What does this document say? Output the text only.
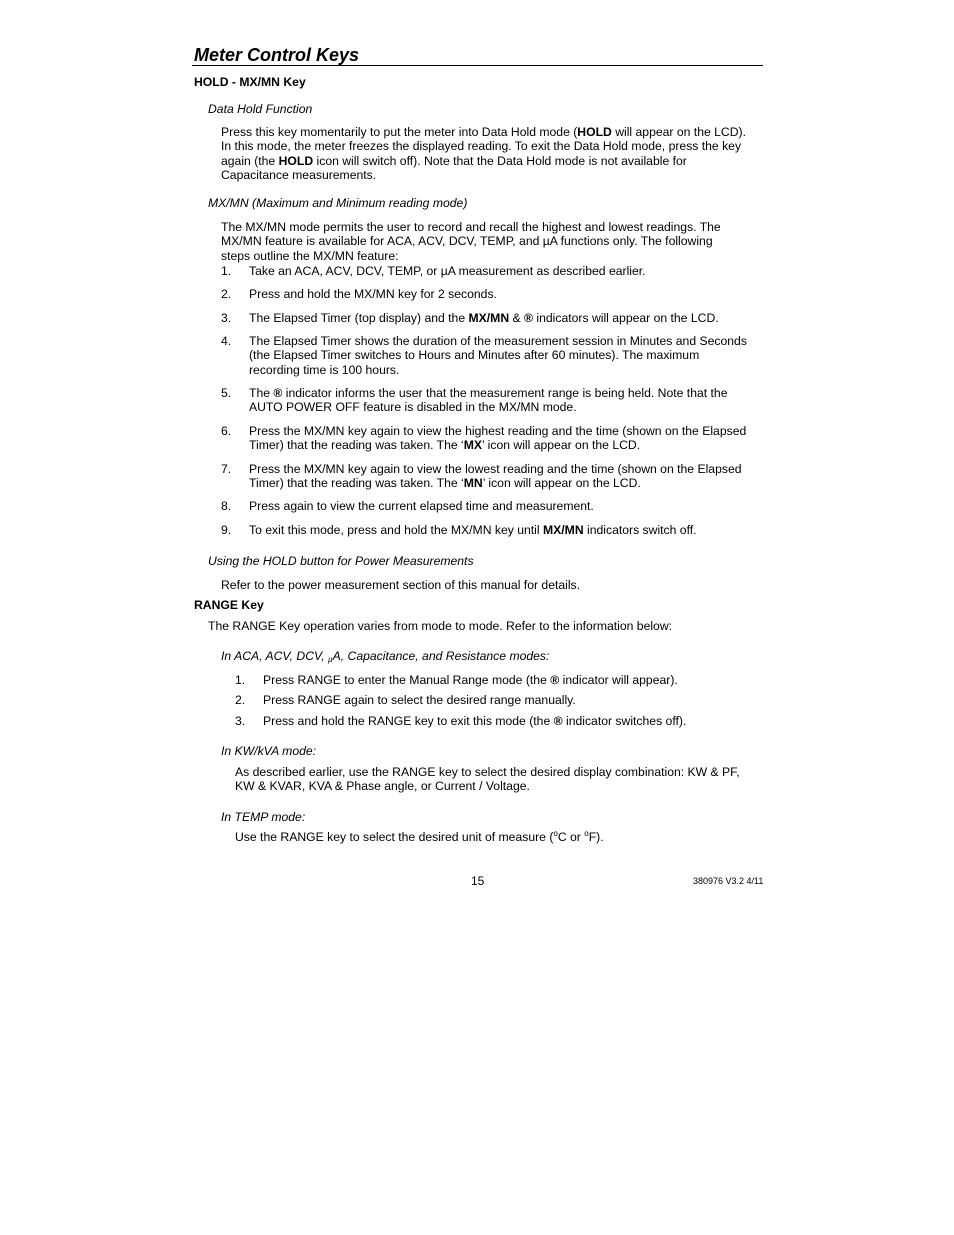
Meter Control Keys
HOLD - MX/MN Key
Data Hold Function
Press this key momentarily to put the meter into Data Hold mode (HOLD will appear on the LCD).
In this mode, the meter freezes the displayed reading. To exit the Data Hold mode, press the key
again (the HOLD icon will switch off). Note that the Data Hold mode is not available for
Capacitance measurements.
MX/MN (Maximum and Minimum reading mode)
The MX/MN mode permits the user to record and recall the highest and lowest readings. The
MX/MN feature is available for ACA, ACV, DCV, TEMP, and µA functions only. The following
steps outline the MX/MN feature:
1.	Take an ACA, ACV, DCV, TEMP, or µA measurement as described earlier.
2.	Press and hold the MX/MN key for 2 seconds.
3.	The Elapsed Timer (top display) and the MX/MN & ® indicators will appear on the LCD.
4.	The Elapsed Timer shows the duration of the measurement session in Minutes and Seconds
(the Elapsed Timer switches to Hours and Minutes after 60 minutes). The maximum
recording time is 100 hours.
5.	The ® indicator informs the user that the measurement range is being held. Note that the
AUTO POWER OFF feature is disabled in the MX/MN mode.
6.	Press the MX/MN key again to view the highest reading and the time (shown on the Elapsed
Timer) that the reading was taken. The ‘MX’ icon will appear on the LCD.
7.	Press the MX/MN key again to view the lowest reading and the time (shown on the Elapsed
Timer) that the reading was taken. The ‘MN’ icon will appear on the LCD.
8.	Press again to view the current elapsed time and measurement.
9.	To exit this mode, press and hold the MX/MN key until MX/MN indicators switch off.
Using the HOLD button for Power Measurements
Refer to the power measurement section of this manual for details.
RANGE Key
The RANGE Key operation varies from mode to mode. Refer to the information below:
In ACA, ACV, DCV, µA, Capacitance, and Resistance modes:
1.	Press RANGE to enter the Manual Range mode (the ® indicator will appear).
2.	Press RANGE again to select the desired range manually.
3.	Press and hold the RANGE key to exit this mode (the ® indicator switches off).
In KW/kVA mode:
As described earlier, use the RANGE key to select the desired display combination: KW & PF,
KW & KVAR, KVA & Phase angle, or Current / Voltage.
In TEMP mode:
Use the RANGE key to select the desired unit of measure ($^o$C or $^o$F).
15	380976 V3.2 4/11
